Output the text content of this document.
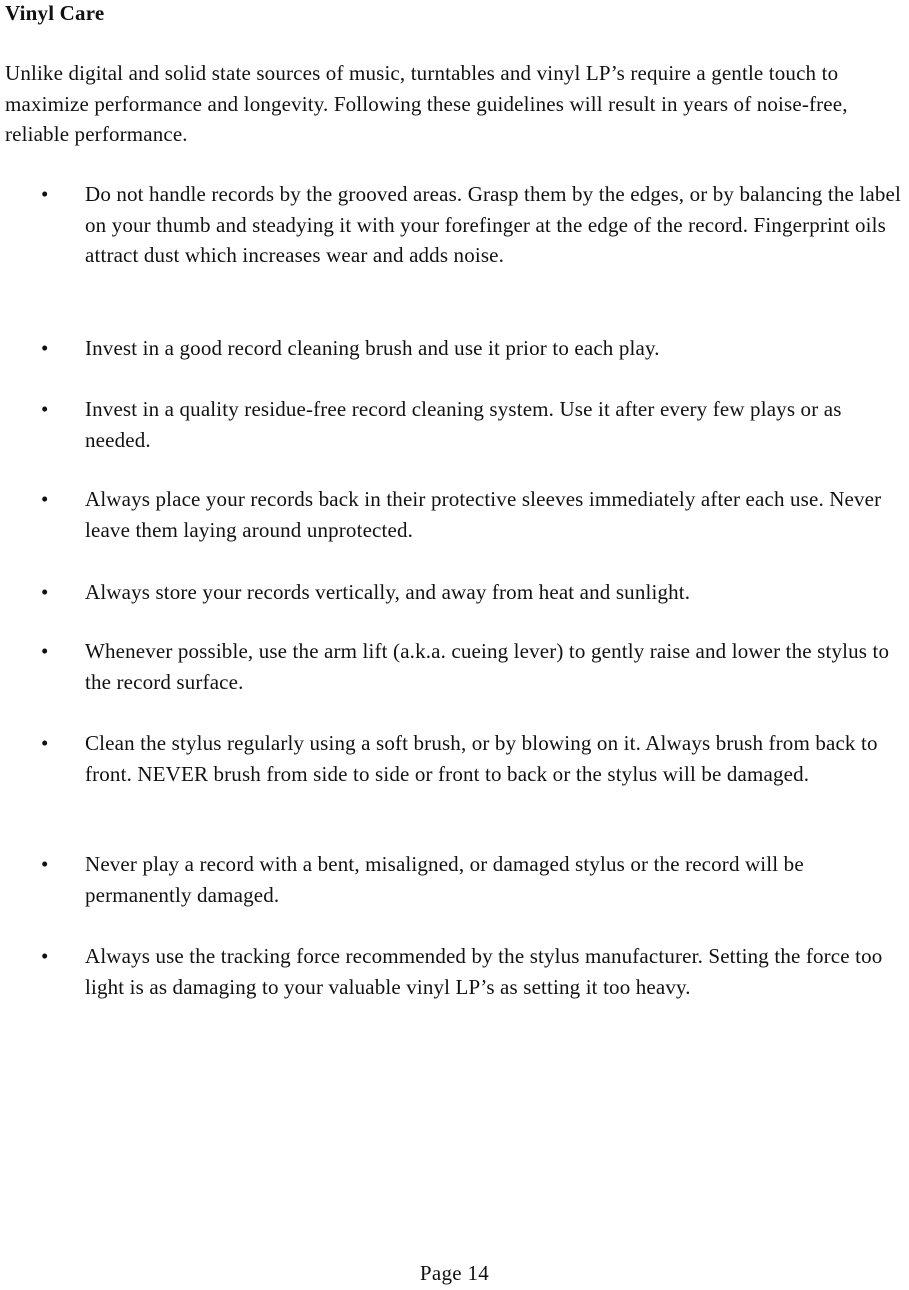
Vinyl Care

Unlike digital and solid state sources of music, turntables and vinyl LP’s require a gentle touch to maximize performance and longevity. Following these guidelines will result in years of noise-free, reliable performance.

• Do not handle records by the grooved areas. Grasp them by the edges, or by balancing the label on your thumb and steadying it with your forefinger at the edge of the record. Fingerprint oils attract dust which increases wear and adds noise.

• Invest in a good record cleaning brush and use it prior to each play.

• Invest in a quality residue-free record cleaning system. Use it after every few plays or as needed.

• Always place your records back in their protective sleeves immediately after each use. Never leave them laying around unprotected.

• Always store your records vertically, and away from heat and sunlight.

• Whenever possible, use the arm lift (a.k.a. cueing lever) to gently raise and lower the stylus to the record surface.

• Clean the stylus regularly using a soft brush, or by blowing on it. Always brush from back to front. NEVER brush from side to side or front to back or the stylus will be damaged.

• Never play a record with a bent, misaligned, or damaged stylus or the record will be permanently damaged.

• Always use the tracking force recommended by the stylus manufacturer. Setting the force too light is as damaging to your valuable vinyl LP’s as setting it too heavy.

Page 14
